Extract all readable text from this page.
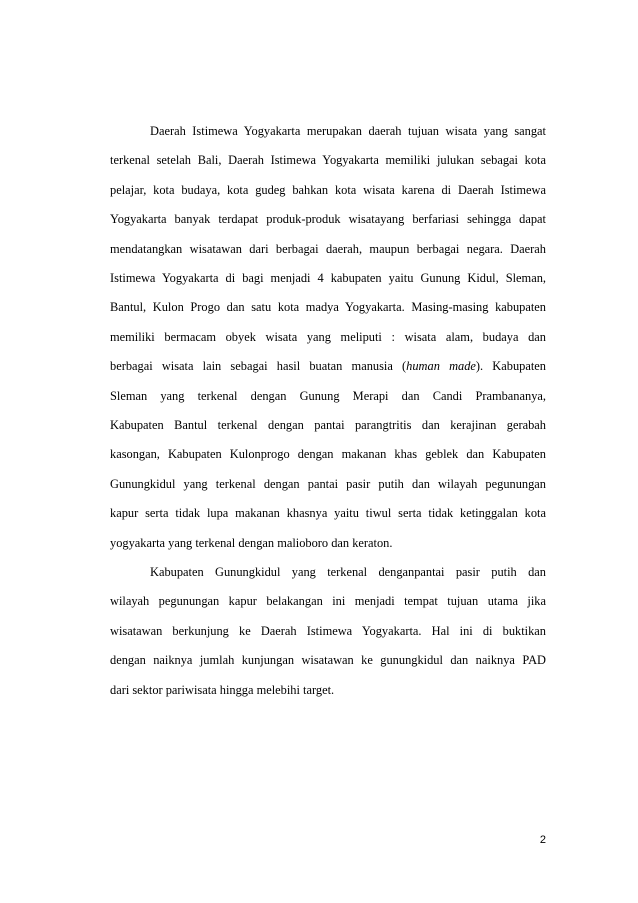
Daerah Istimewa Yogyakarta merupakan daerah tujuan wisata yang sangat
terkenal setelah Bali, Daerah Istimewa Yogyakarta memiliki julukan sebagai kota
pelajar, kota budaya, kota gudeg bahkan kota wisata karena di Daerah Istimewa
Yogyakarta banyak terdapat produk-produk wisatayang berfariasi sehingga dapat
mendatangkan wisatawan dari berbagai daerah, maupun berbagai negara. Daerah
Istimewa Yogyakarta di bagi menjadi 4 kabupaten yaitu Gunung Kidul, Sleman,
Bantul, Kulon Progo dan satu kota madya Yogyakarta. Masing-masing kabupaten
memiliki bermacam obyek wisata yang meliputi : wisata alam, budaya dan
berbagai wisata lain sebagai hasil buatan manusia (human made). Kabupaten
Sleman yang terkenal dengan Gunung Merapi dan Candi Prambananya,
Kabupaten Bantul terkenal dengan pantai parangtritis dan kerajinan gerabah
kasongan, Kabupaten Kulonprogo dengan makanan khas geblek dan Kabupaten
Gunungkidul yang terkenal dengan pantai pasir putih dan wilayah pegunungan
kapur serta tidak lupa makanan khasnya yaitu tiwul serta tidak ketinggalan kota
yogyakarta yang terkenal dengan malioboro dan keraton.
Kabupaten Gunungkidul yang terkenal denganpantai pasir putih dan
wilayah pegunungan kapur belakangan ini menjadi tempat tujuan utama jika
wisatawan berkunjung ke Daerah Istimewa Yogyakarta. Hal ini di buktikan
dengan naiknya jumlah kunjungan wisatawan ke gunungkidul dan naiknya PAD
dari sektor pariwisata hingga melebihi target.
2
